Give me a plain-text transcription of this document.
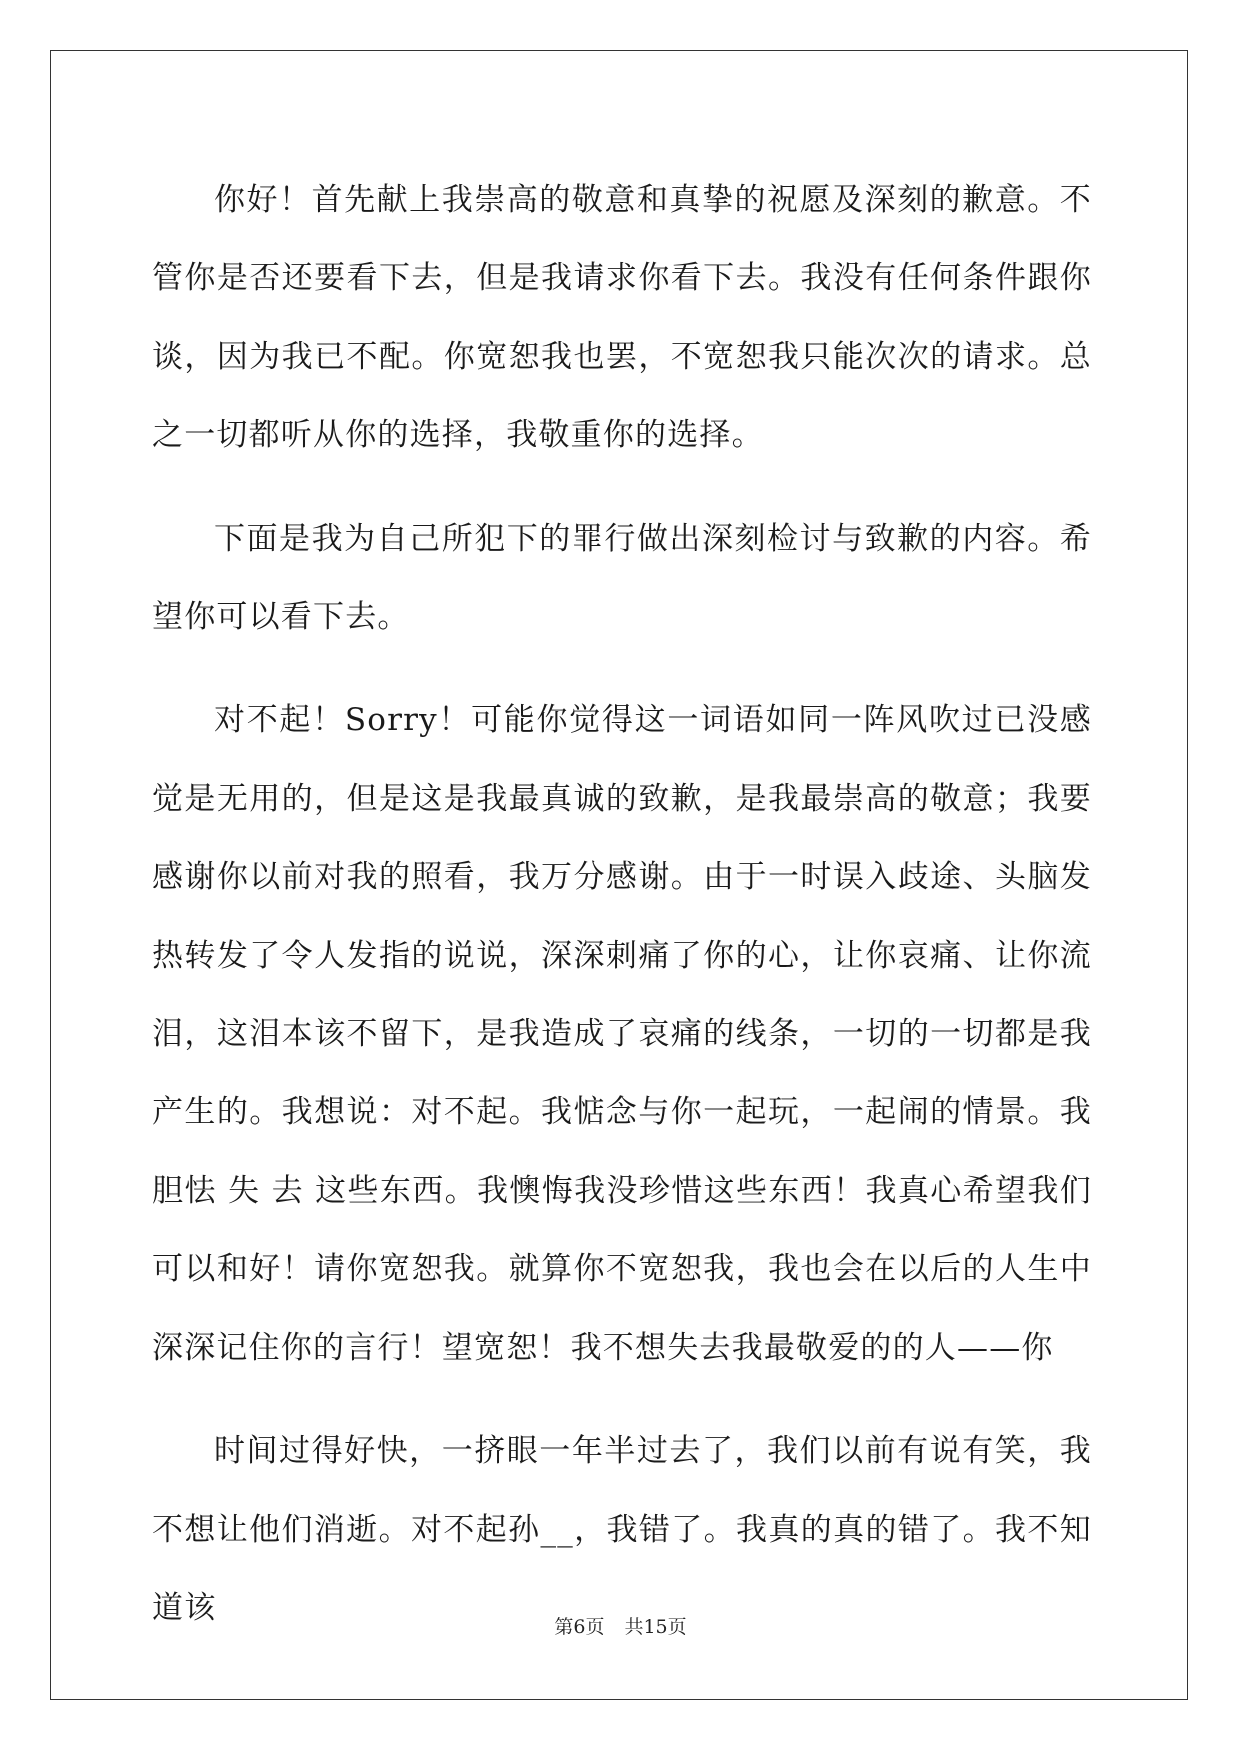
你好！首先献上我崇高的敬意和真挚的祝愿及深刻的歉意。不管你是否还要看下去，但是我请求你看下去。我没有任何条件跟你谈，因为我已不配。你宽恕我也罢，不宽恕我只能次次的请求。总之一切都听从你的选择，我敬重你的选择。

下面是我为自己所犯下的罪行做出深刻检讨与致歉的内容。希望你可以看下去。

对不起！Sorry！可能你觉得这一词语如同一阵风吹过已没感觉是无用的，但是这是我最真诚的致歉，是我最崇高的敬意；我要感谢你以前对我的照看，我万分感谢。由于一时误入歧途、头脑发热转发了令人发指的说说，深深刺痛了你的心，让你哀痛、让你流泪，这泪本该不留下，是我造成了哀痛的线条，一切的一切都是我产生的。我想说：对不起。我惦念与你一起玩，一起闹的情景。我胆怯 失 去 这些东西。我懊悔我没珍惜这些东西！我真心希望我们可以和好！请你宽恕我。就算你不宽恕我，我也会在以后的人生中深深记住你的言行！望宽恕！我不想失去我最敬爱的的人——你

时间过得好快，一挤眼一年半过去了，我们以前有说有笑，我不想让他们消逝。对不起孙__，我错了。我真的真的错了。我不知道该

第6页 共15页
